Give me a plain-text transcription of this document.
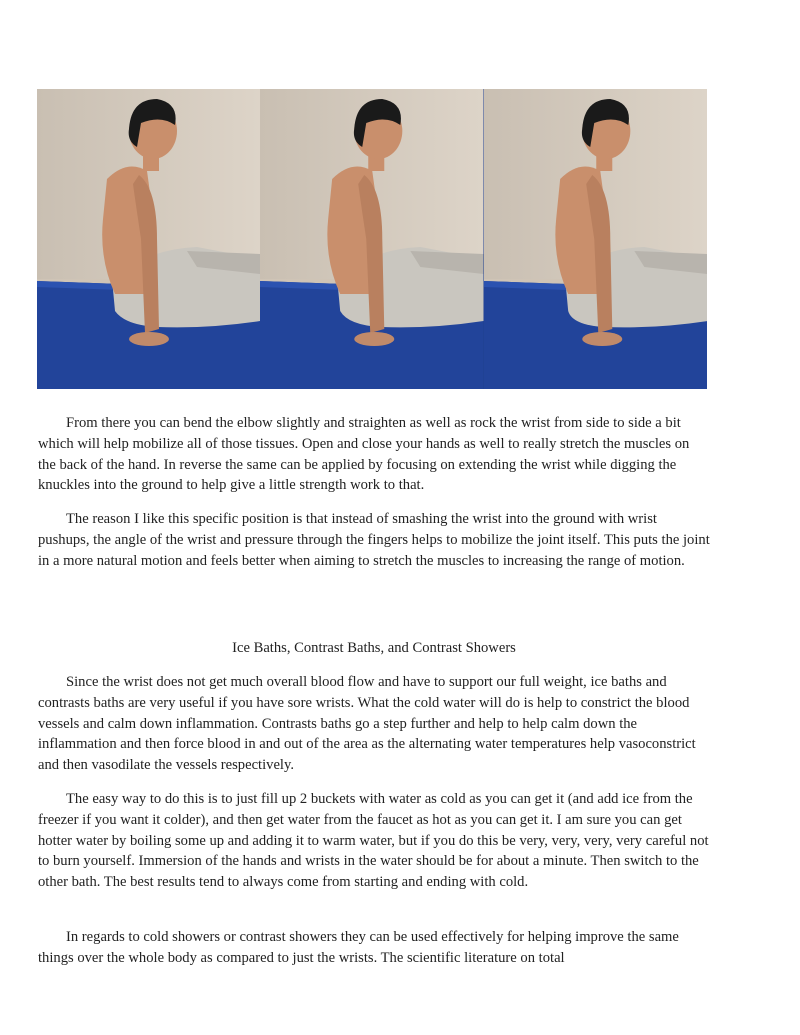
From there you can bend the elbow slightly and straighten as well as rock the wrist from side to side a bit which will help mobilize all of those tissues. Open and close your hands as well to really stretch the muscles on the back of the hand. In reverse the same can be applied by focusing on extending the wrist while digging the knuckles into the ground to help give a little strength work to that.

The reason I like this specific position is that instead of smashing the wrist into the ground with wrist pushups, the angle of the wrist and pressure through the fingers helps to mobilize the joint itself. This puts the joint in a more natural motion and feels better when aiming to stretch the muscles to increasing the range of motion.

Ice Baths, Contrast Baths, and Contrast Showers

Since the wrist does not get much overall blood flow and have to support our full weight, ice baths and contrasts baths are very useful if you have sore wrists. What the cold water will do is help to constrict the blood vessels and calm down inflammation. Contrasts baths go a step further and help to help calm down the inflammation and then force blood in and out of the area as the alternating water temperatures help vasoconstrict and then vasodilate the vessels respectively.

The easy way to do this is to just fill up 2 buckets with water as cold as you can get it (and add ice from the freezer if you want it colder), and then get water from the faucet as hot as you can get it. I am sure you can get hotter water by boiling some up and adding it to warm water, but if you do this be very, very, very, very careful not to burn yourself. Immersion of the hands and wrists in the water should be for about a minute. Then switch to the other bath. The best results tend to always come from starting and ending with cold.

In regards to cold showers or contrast showers they can be used effectively for helping improve the same things over the whole body as compared to just the wrists. The scientific literature on total
